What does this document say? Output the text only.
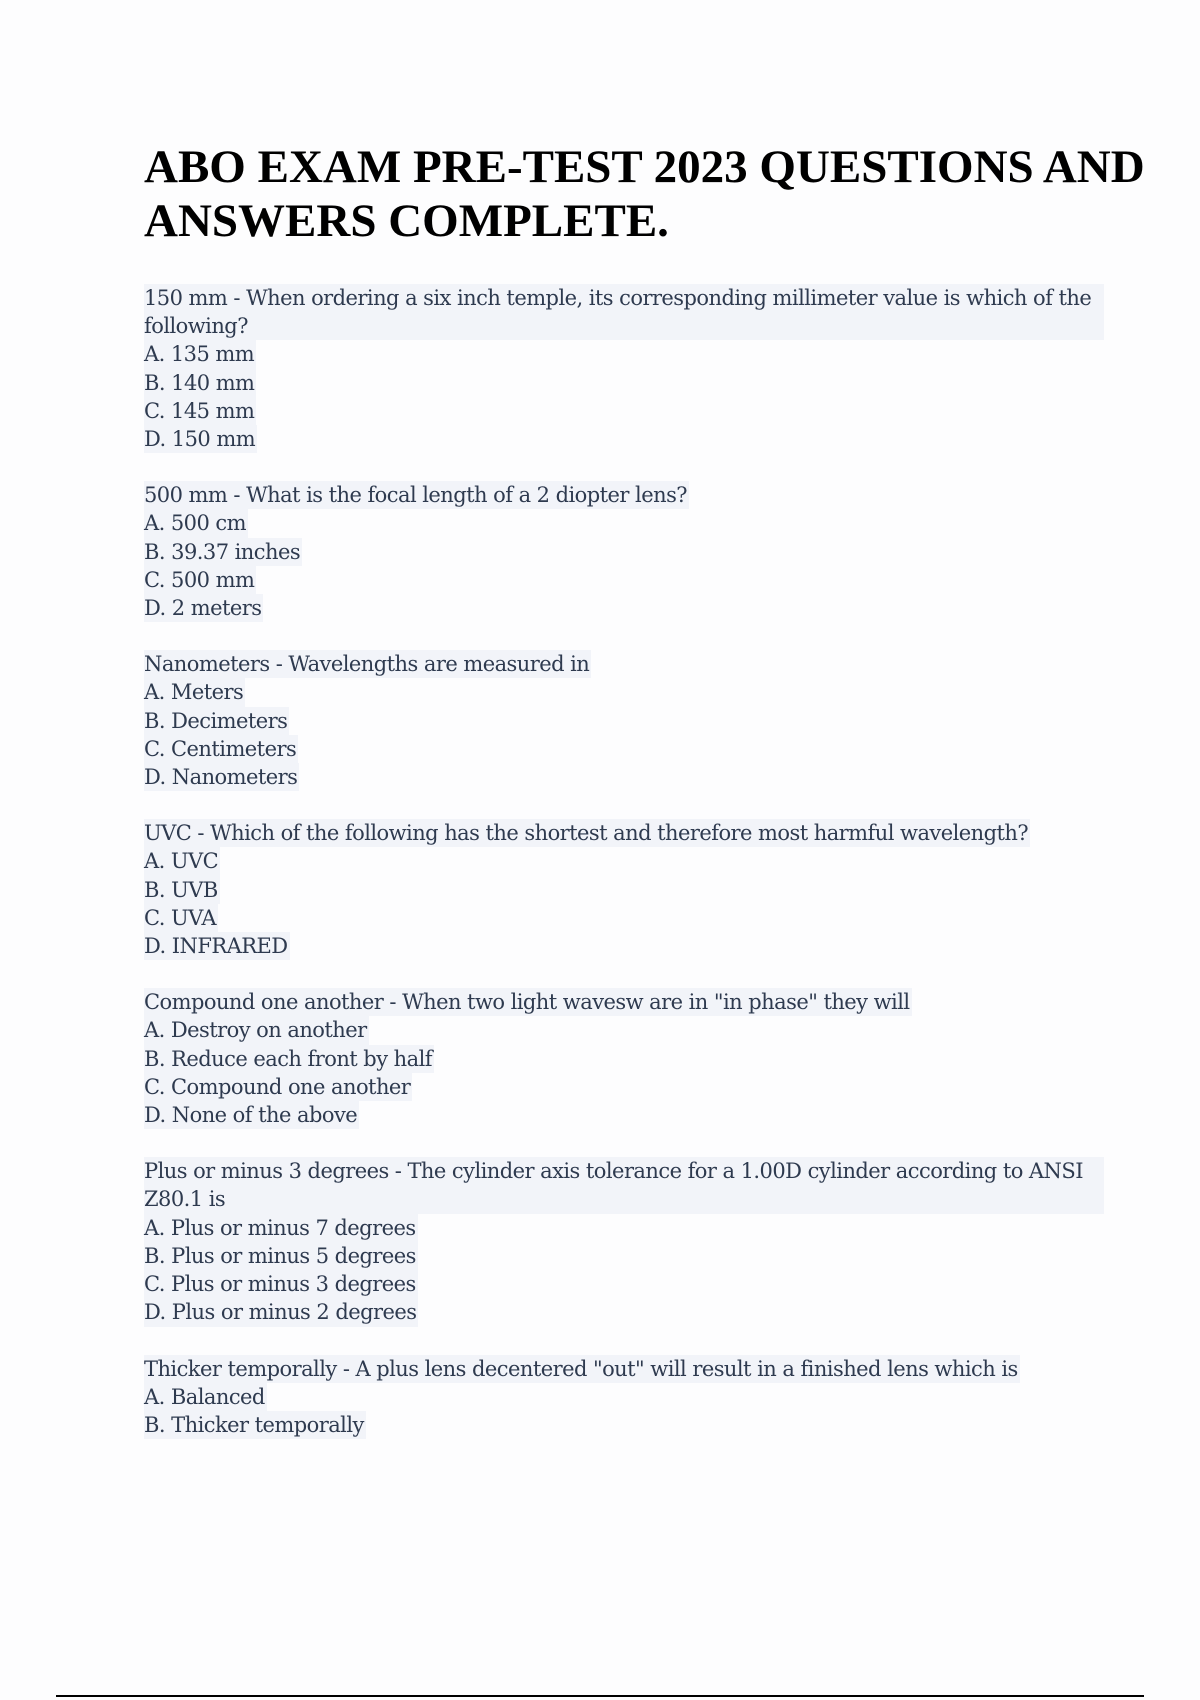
ABO EXAM PRE-TEST 2023 QUESTIONS AND ANSWERS COMPLETE.
150 mm - When ordering a six inch temple, its corresponding millimeter value is which of the following?
A. 135 mm
B. 140 mm
C. 145 mm
D. 150 mm
500 mm - What is the focal length of a 2 diopter lens?
A. 500 cm
B. 39.37 inches
C. 500 mm
D. 2 meters
Nanometers - Wavelengths are measured in
A. Meters
B. Decimeters
C. Centimeters
D. Nanometers
UVC - Which of the following has the shortest and therefore most harmful wavelength?
A. UVC
B. UVB
C. UVA
D. INFRARED
Compound one another - When two light wavesw are in "in phase" they will
A. Destroy on another
B. Reduce each front by half
C. Compound one another
D. None of the above
Plus or minus 3 degrees - The cylinder axis tolerance for a 1.00D cylinder according to ANSI Z80.1 is
A. Plus or minus 7 degrees
B. Plus or minus 5 degrees
C. Plus or minus 3 degrees
D. Plus or minus 2 degrees
Thicker temporally - A plus lens decentered "out" will result in a finished lens which is
A. Balanced
B. Thicker temporally
